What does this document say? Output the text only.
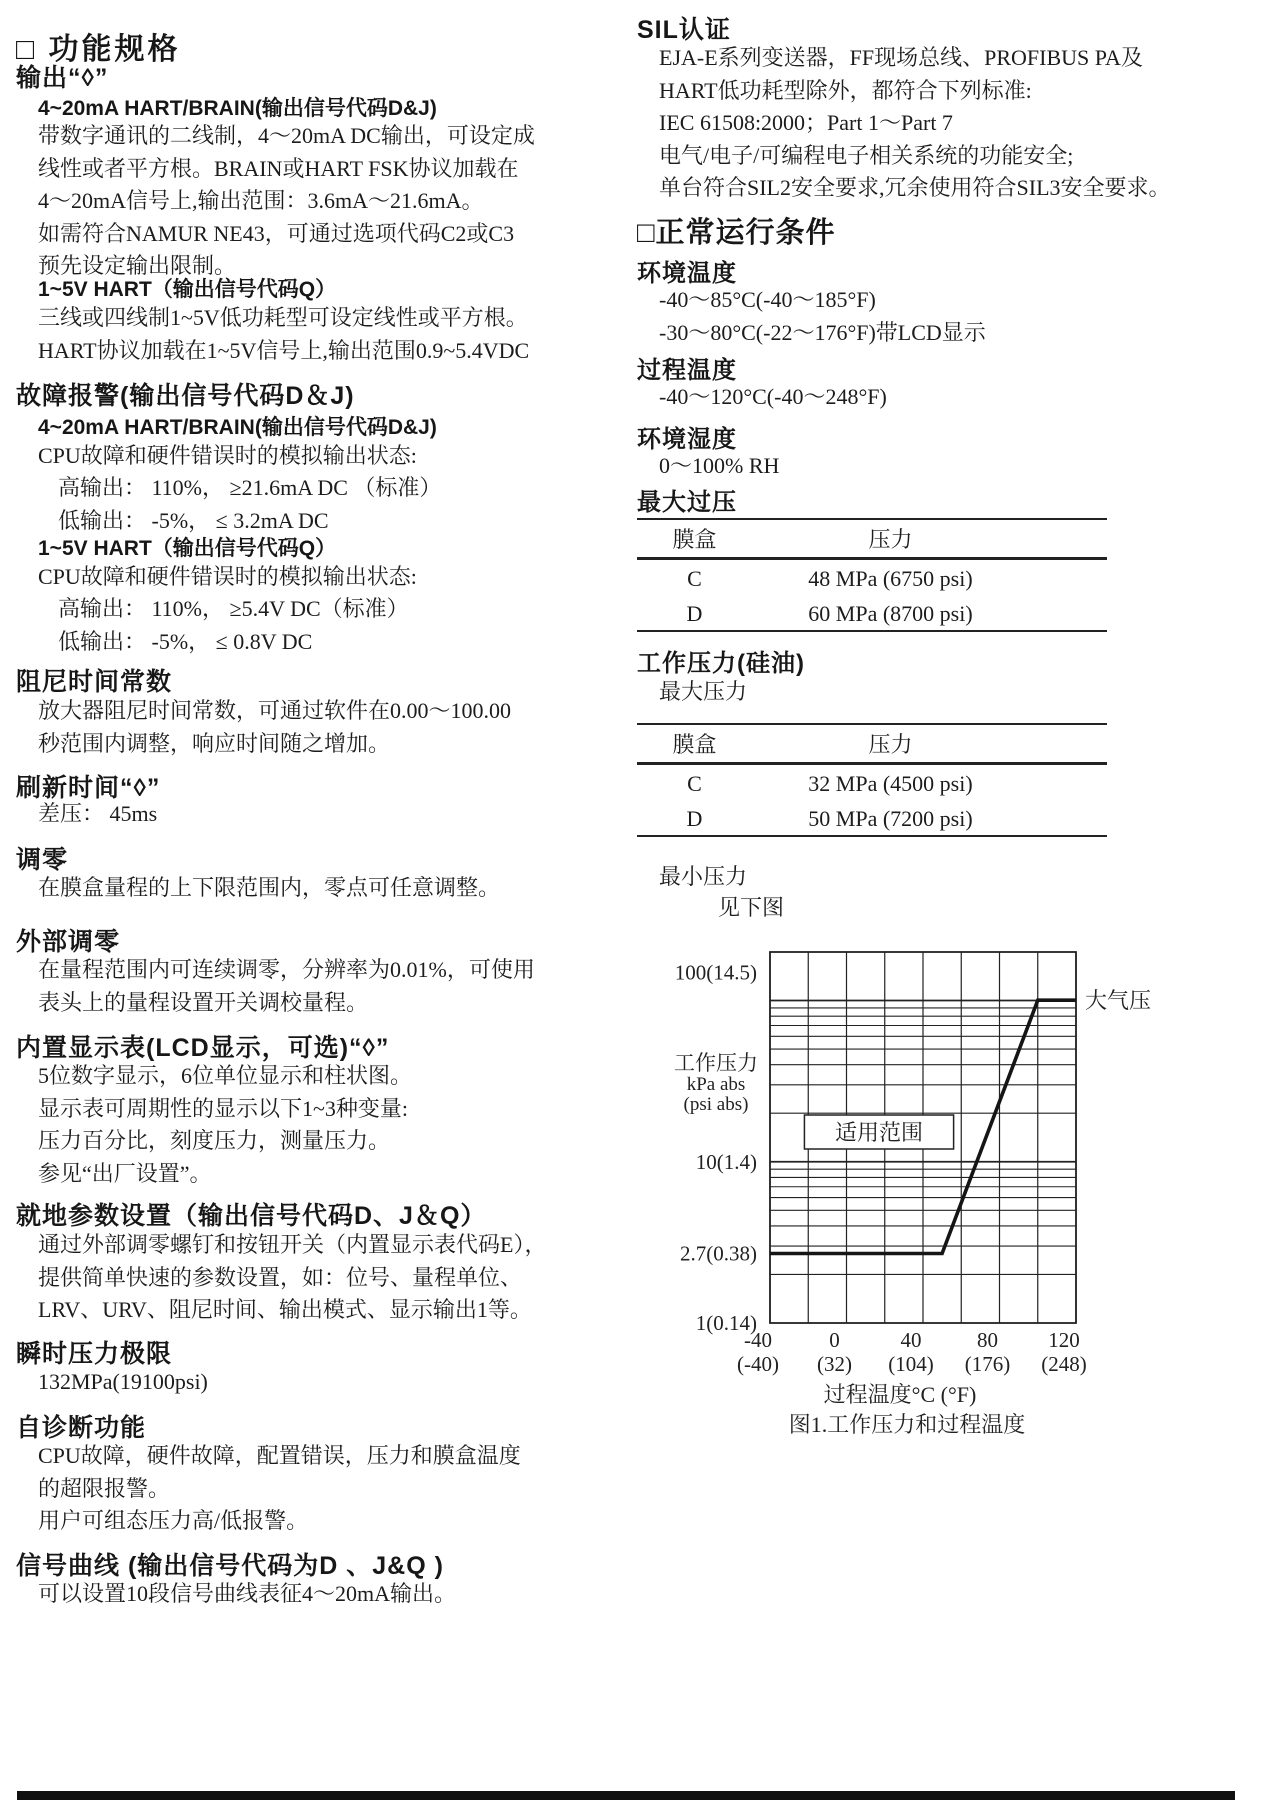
□ 功能规格
输出“◊”
4~20mA HART/BRAIN(输出信号代码D&J)
带数字通讯的二线制，4～20mA DC输出，可设定成
线性或者平方根。BRAIN或HART FSK协议加载在
4～20mA信号上,输出范围：3.6mA～21.6mA。
如需符合NAMUR NE43，可通过选项代码C2或C3
预先设定输出限制。
1~5V HART（输出信号代码Q）
三线或四线制1~5V低功耗型可设定线性或平方根。
HART协议加载在1~5V信号上,输出范围0.9~5.4VDC
故障报警(输出信号代码D＆J)
4~20mA HART/BRAIN(输出信号代码D&J)
CPU故障和硬件错误时的模拟输出状态:
高输出： 110%， ≥21.6mA DC （标准）
低输出： -5%， ≤ 3.2mA DC
1~5V HART（输出信号代码Q）
CPU故障和硬件错误时的模拟输出状态:
高输出： 110%， ≥5.4V DC（标准）
低输出： -5%， ≤ 0.8V DC
阻尼时间常数
放大器阻尼时间常数，可通过软件在0.00～100.00
秒范围内调整，响应时间随之增加。
刷新时间“◊”
差压： 45ms
调零
在膜盒量程的上下限范围内，零点可任意调整。
外部调零
在量程范围内可连续调零，分辨率为0.01%，可使用
表头上的量程设置开关调校量程。
内置显示表(LCD显示，可选)“◊”
5位数字显示，6位单位显示和柱状图。
显示表可周期性的显示以下1~3种变量:
压力百分比，刻度压力，测量压力。
参见“出厂设置”。
就地参数设置（输出信号代码D、J＆Q）
通过外部调零螺钉和按钮开关（内置显示表代码E），
提供简单快速的参数设置，如：位号、量程单位、
LRV、URV、阻尼时间、输出模式、显示输出1等。
瞬时压力极限
132MPa(19100psi)
自诊断功能
CPU故障，硬件故障，配置错误，压力和膜盒温度
的超限报警。
用户可组态压力高/低报警。
信号曲线 (输出信号代码为D 、J&Q )
可以设置10段信号曲线表征4～20mA输出。
SIL认证
EJA-E系列变送器，FF现场总线、PROFIBUS PA及
HART低功耗型除外，都符合下列标准:
IEC 61508:2000；Part 1～Part 7
电气/电子/可编程电子相关系统的功能安全;
单台符合SIL2安全要求,冗余使用符合SIL3安全要求。
□正常运行条件
环境温度
-40～85°C(-40～185°F)
-30～80°C(-22～176°F)带LCD显示
过程温度
-40～120°C(-40～248°F)
环境湿度
0～100% RH
最大过压
膜盒	压力
C	48 MPa (6750 psi)
D	60 MPa (8700 psi)
工作压力(硅油)
最大压力
膜盒	压力
C	32 MPa (4500 psi)
D	50 MPa (7200 psi)
最小压力
见下图
适用范围
大气压
100(14.5)
10(1.4)
2.7(0.38)
1(0.14)
-40
(-40)
0
(32)
40
(104)
80
(176)
120
(248)
工作压力
kPa abs
(psi abs)
过程温度°C (°F)
图1.工作压力和过程温度
